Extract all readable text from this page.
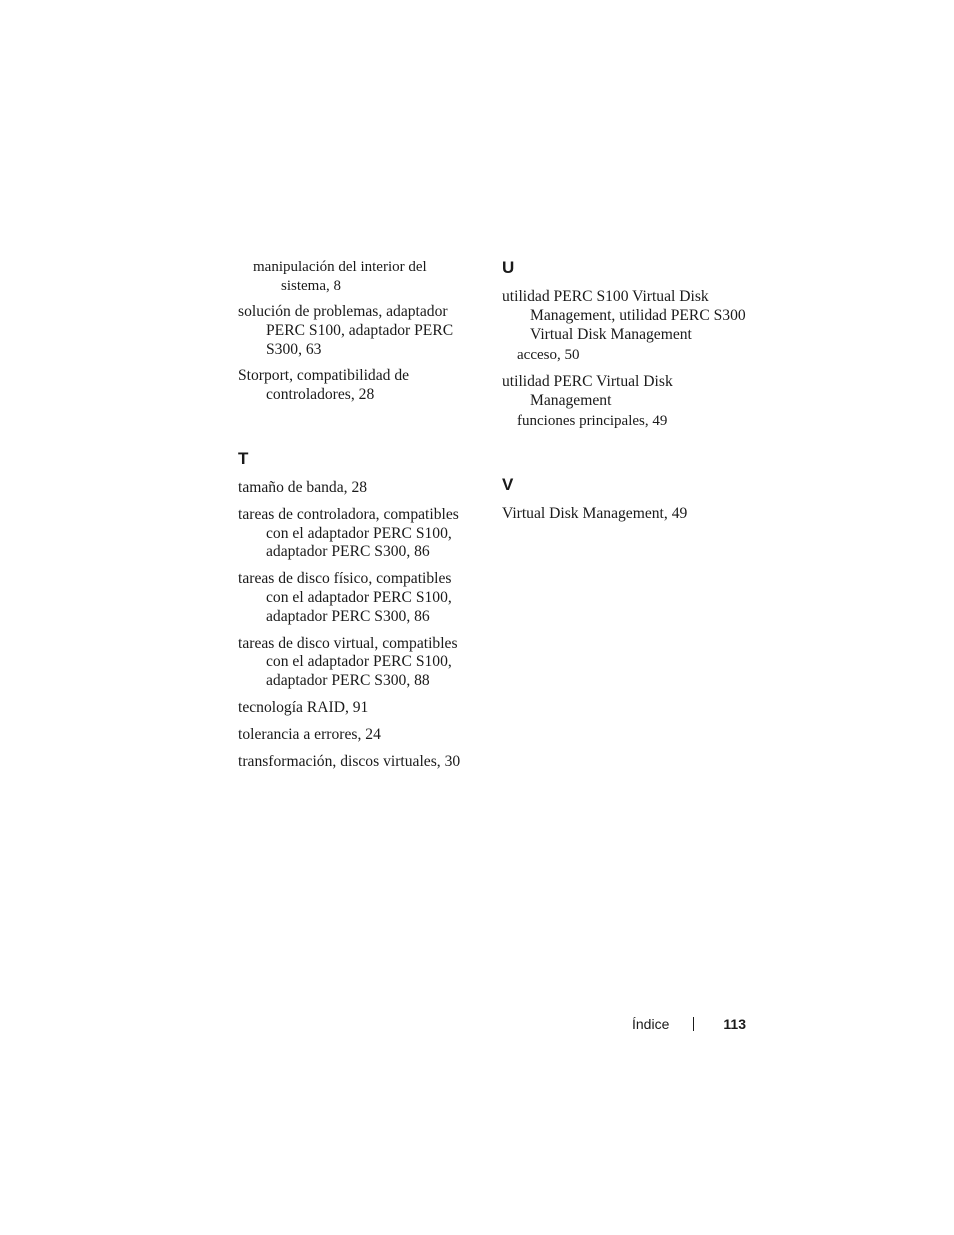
manipulación del interior del sistema, 8

solución de problemas, adaptador PERC S100, adaptador PERC S300, 63

Storport, compatibilidad de controladores, 28

T

tamaño de banda, 28

tareas de controladora, compatibles con el adaptador PERC S100, adaptador PERC S300, 86

tareas de disco físico, compatibles con el adaptador PERC S100, adaptador PERC S300, 86

tareas de disco virtual, compatibles con el adaptador PERC S100, adaptador PERC S300, 88

tecnología RAID, 91

tolerancia a errores, 24

transformación, discos virtuales, 30

U

utilidad PERC S100 Virtual Disk Management, utilidad PERC S300 Virtual Disk Management

acceso, 50

utilidad PERC Virtual Disk Management

funciones principales, 49

V

Virtual Disk Management, 49

Índice	113
